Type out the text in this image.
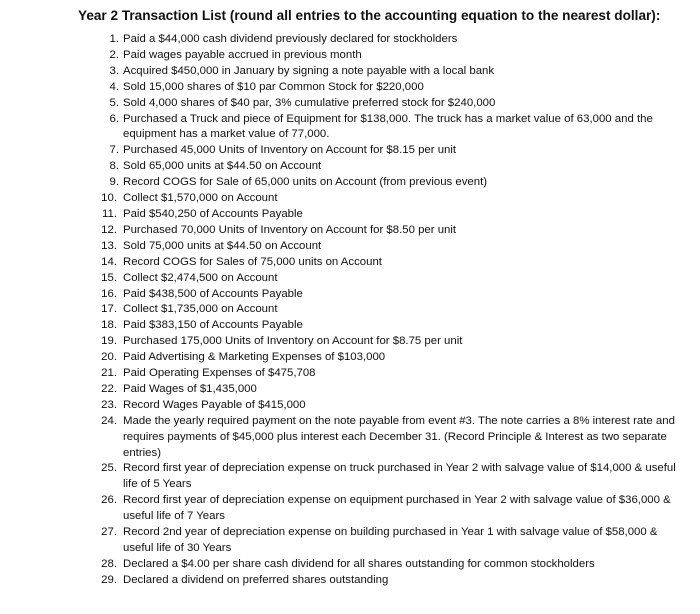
Year 2 Transaction List (round all entries to the accounting equation to the nearest dollar):
1. Paid a $44,000 cash dividend previously declared for stockholders
2. Paid wages payable accrued in previous month
3. Acquired $450,000 in January by signing a note payable with a local bank
4. Sold 15,000 shares of $10 par Common Stock for $220,000
5. Sold 4,000 shares of $40 par, 3% cumulative preferred stock for $240,000
6. Purchased a Truck and piece of Equipment for $138,000. The truck has a market value of 63,000 and the equipment has a market value of 77,000.
7. Purchased 45,000 Units of Inventory on Account for $8.15 per unit
8. Sold 65,000 units at $44.50 on Account
9. Record COGS for Sale of 65,000 units on Account (from previous event)
10. Collect $1,570,000 on Account
11. Paid $540,250 of Accounts Payable
12. Purchased 70,000 Units of Inventory on Account for $8.50 per unit
13. Sold 75,000 units at $44.50 on Account
14. Record COGS for Sales of 75,000 units on Account
15. Collect $2,474,500 on Account
16. Paid $438,500 of Accounts Payable
17. Collect $1,735,000 on Account
18. Paid $383,150 of Accounts Payable
19. Purchased 175,000 Units of Inventory on Account for $8.75 per unit
20. Paid Advertising & Marketing Expenses of $103,000
21. Paid Operating Expenses of $475,708
22. Paid Wages of $1,435,000
23. Record Wages Payable of $415,000
24. Made the yearly required payment on the note payable from event #3. The note carries a 8% interest rate and requires payments of $45,000 plus interest each December 31. (Record Principle & Interest as two separate entries)
25. Record first year of depreciation expense on truck purchased in Year 2 with salvage value of $14,000 & useful life of 5 Years
26. Record first year of depreciation expense on equipment purchased in Year 2 with salvage value of $36,000 & useful life of 7 Years
27. Record 2nd year of depreciation expense on building purchased in Year 1 with salvage value of $58,000 & useful life of 30 Years
28. Declared a $4.00 per share cash dividend for all shares outstanding for common stockholders
29. Declared a dividend on preferred shares outstanding
